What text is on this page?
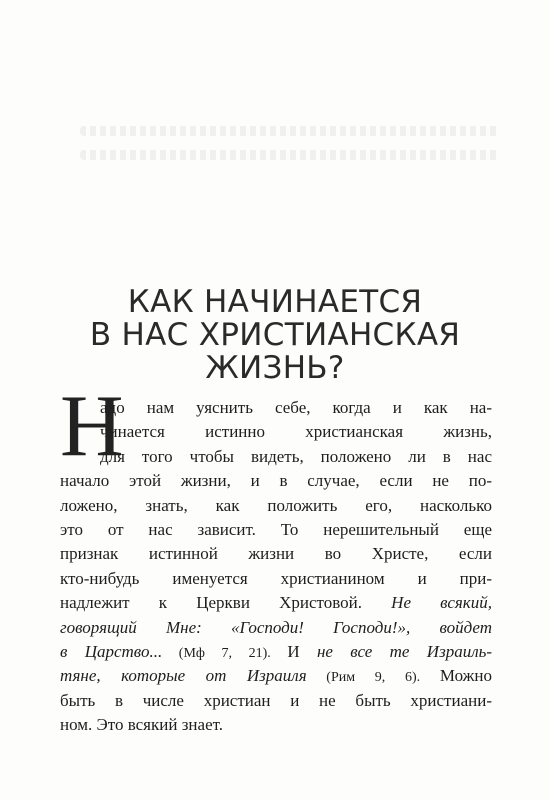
КАК НАЧИНАЕТСЯ
В НАС ХРИСТИАНСКАЯ
ЖИЗНЬ?
Н
адо нам уяснить себе, когда и как на-
чинается истинно христианская жизнь,
для того чтобы видеть, положено ли в нас
начало этой жизни, и в случае, если не по-
ложено, знать, как положить его, насколько
это от нас зависит. То нерешительный еще
признак истинной жизни во Христе, если
кто-нибудь именуется христианином и при-
надлежит к Церкви Христовой. Не всякий,
говорящий Мне: «Господи! Господи!», войдет
в Царство... (Мф 7, 21). И не все те Израиль-
тяне, которые от Израиля (Рим 9, 6). Можно
быть в числе христиан и не быть христиани-
ном. Это всякий знает.
